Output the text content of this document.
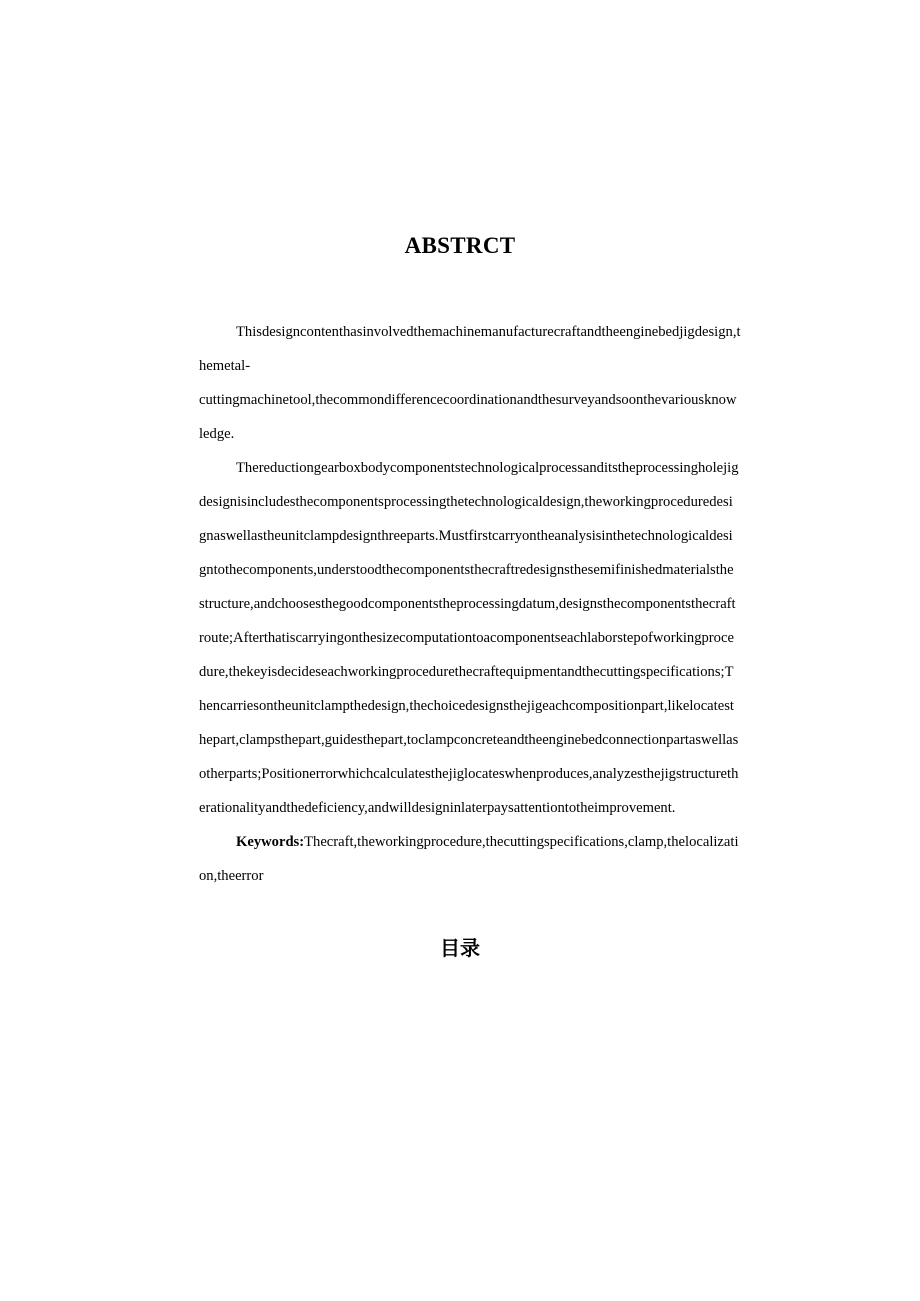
ABSTRCT

Thisdesigncontenthasinvolvedthemachinemanufacturecraftandtheenginebedjigdesign,t

hemetal-

cuttingmachinetool,thecommondifferencecoordinationandthesurveyandsoonthevariousknow

ledge.

Thereductiongearboxbodycomponentstechnologicalprocessanditstheprocessingholejig

designisincludesthecomponentsprocessingthetechnologicaldesign,theworkingproceduredesi

gnaswellastheunitclampdesignthreeparts.Mustfirstcarryontheanalysisinthetechnologicaldesi

gntothecomponents,understoodthecomponentsthecraftredesignsthesemifinishedmaterialsthe

structure,andchoosesthegoodcomponentstheprocessingdatum,designsthecomponentsthecraft

route;Afterthatiscarryingonthesizecomputationtoacomponentseachlaborstepofworkingproce

dure,thekeyisdecideseachworkingprocedurethecraftequipmentandthecuttingspecifications;T

hencarriesontheunitclampthedesign,thechoicedesignsthejigeachcompositionpart,likelocatest

hepart,clampsthepart,guidesthepart,toclampconcreteandtheenginebedconnectionpartaswellas

otherparts;Positionerrorwhichcalculatesthejiglocateswhenproduces,analyzesthejigstructureth

erationalityandthedeficiency,andwilldesigninlaterpaysattentiontotheimprovement.

Keywords:Thecraft,theworkingprocedure,thecuttingspecifications,clamp,thelocalizati

on,theerror

目录
